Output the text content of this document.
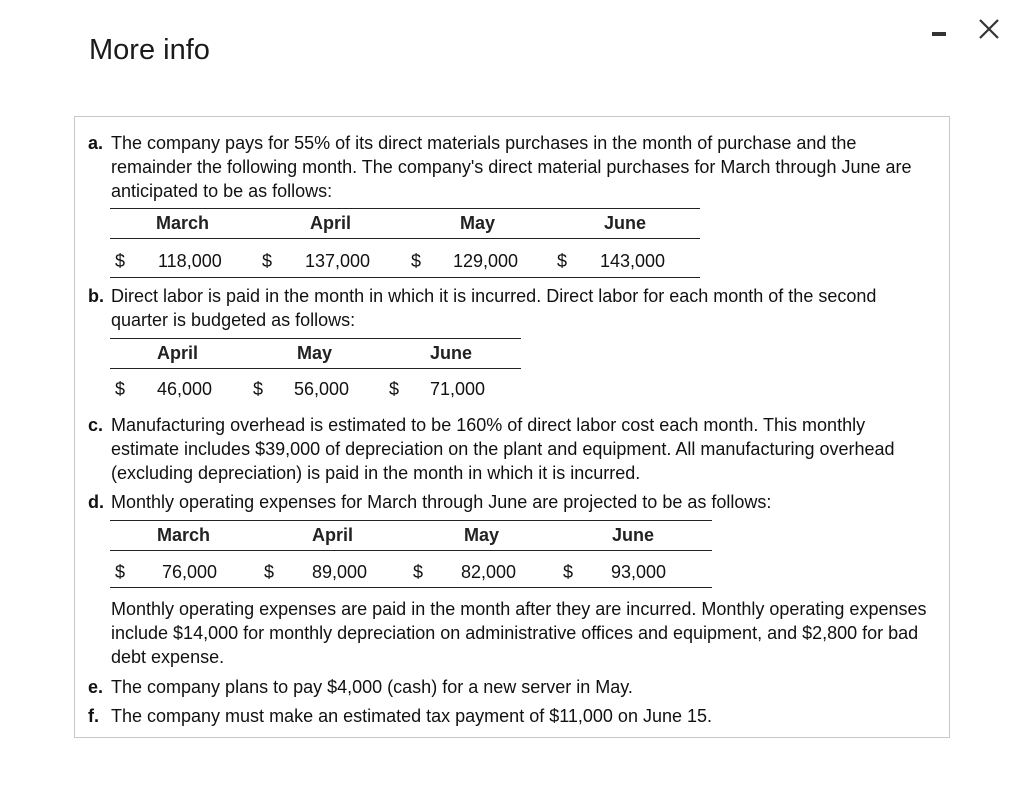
More info
a. The company pays for 55% of its direct materials purchases in the month of purchase and the remainder the following month. The company's direct material purchases for March through June are anticipated to be as follows:
March	April	May	June
$ 118,000 $ 137,000 $ 129,000 $ 143,000
b. Direct labor is paid in the month in which it is incurred. Direct labor for each month of the second quarter is budgeted as follows:
April	May	June
$ 46,000 $ 56,000 $ 71,000
c. Manufacturing overhead is estimated to be 160% of direct labor cost each month. This monthly estimate includes $39,000 of depreciation on the plant and equipment. All manufacturing overhead (excluding depreciation) is paid in the month in which it is incurred.
d. Monthly operating expenses for March through June are projected to be as follows:
March	April	May	June
$ 76,000	$ 89,000	$ 82,000	$ 93,000
Monthly operating expenses are paid in the month after they are incurred. Monthly operating expenses include $14,000 for monthly depreciation on administrative offices and equipment, and $2,800 for bad debt expense.
e. The company plans to pay $4,000 (cash) for a new server in May.
f. The company must make an estimated tax payment of $11,000 on June 15.
